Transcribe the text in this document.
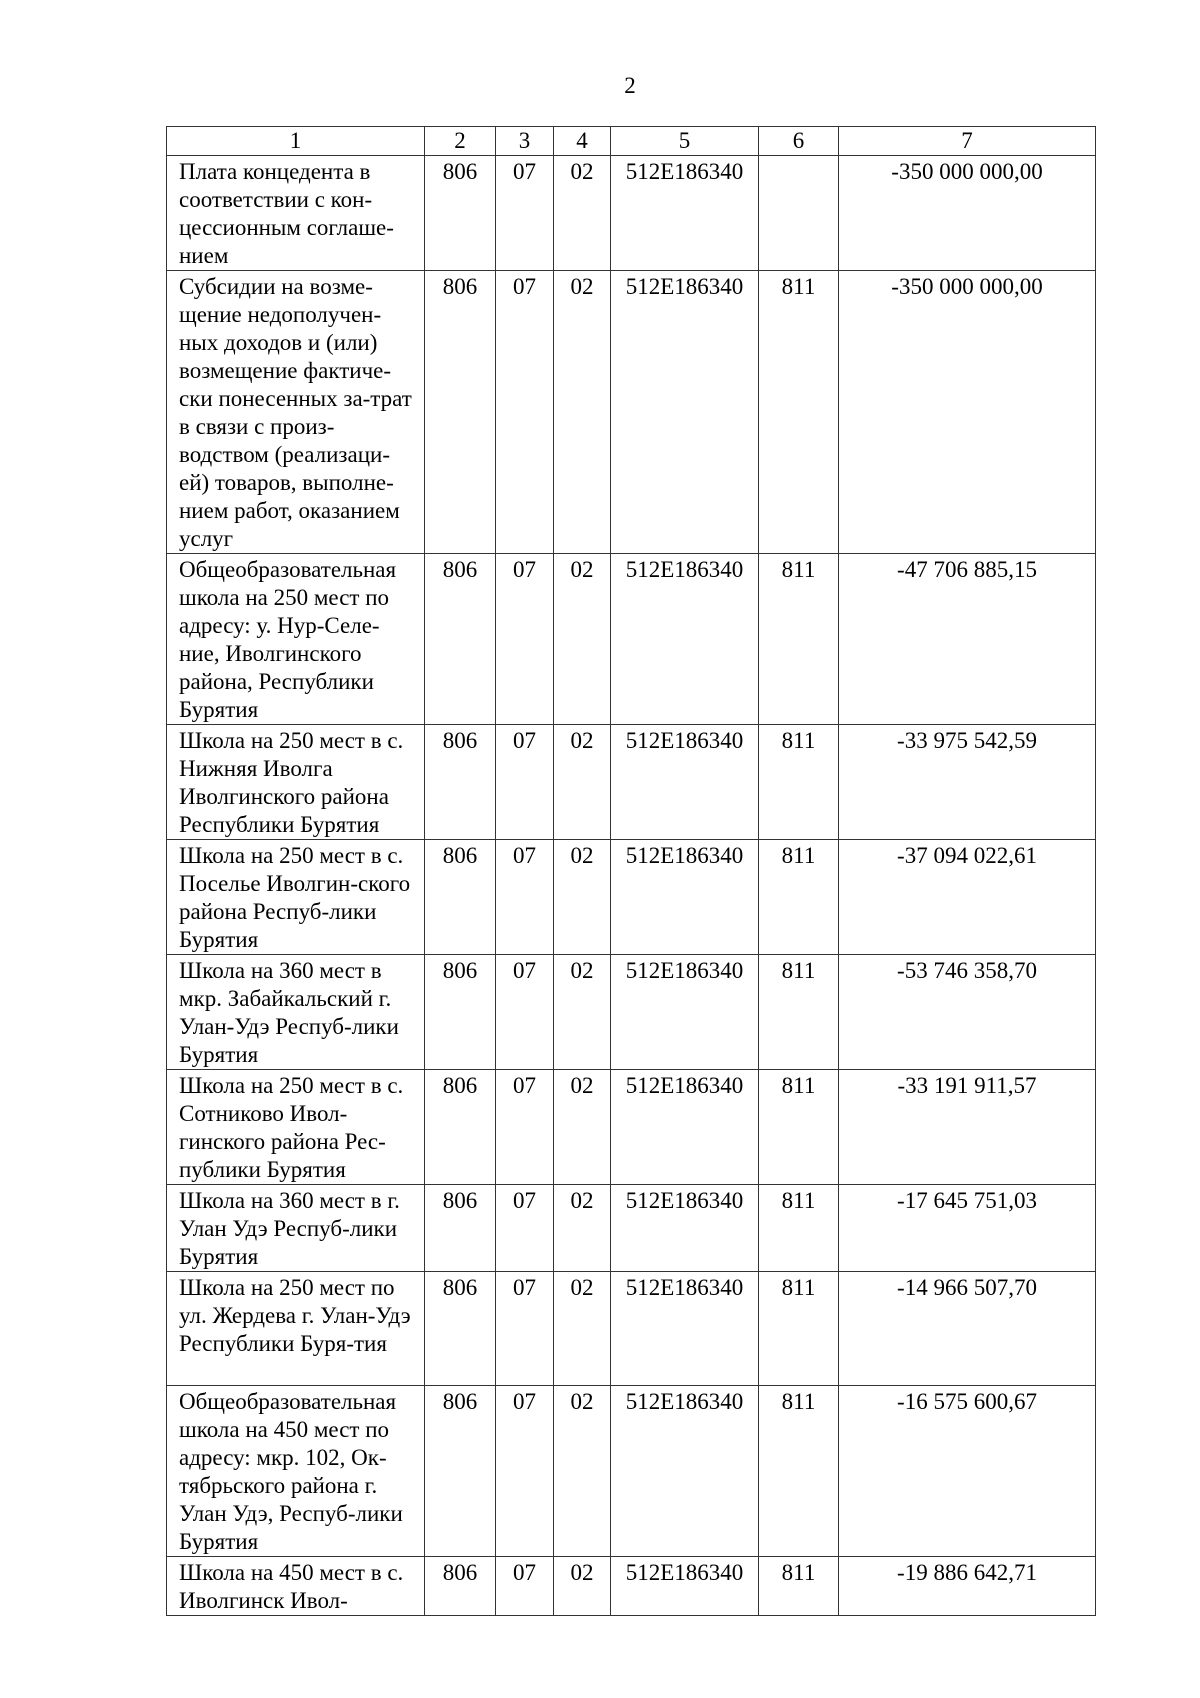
2
1	2	3	4	5	6	7
Плата концедента в соответствии с кон-цессионным соглаше-нием	806	07	02	512E186340		-350 000 000,00
Субсидии на возме-щение недополучен-ных доходов и (или) возмещение фактиче-ски понесенных за-трат в связи с произ-водством (реализаци-ей) товаров, выполне-нием работ, оказанием услуг	806	07	02	512E186340	811	-350 000 000,00
Общеобразовательная школа на 250 мест по адресу: у. Нур-Селе-ние, Иволгинского района, Республики Бурятия	806	07	02	512E186340	811	-47 706 885,15
Школа на 250 мест в с. Нижняя Иволга Иволгинского района Республики Бурятия	806	07	02	512E186340	811	-33 975 542,59
Школа на 250 мест в с. Поселье Иволгин-ского района Респуб-лики Бурятия	806	07	02	512E186340	811	-37 094 022,61
Школа на 360 мест в мкр. Забайкальский г. Улан-Удэ Респуб-лики Бурятия	806	07	02	512E186340	811	-53 746 358,70
Школа на 250 мест в с. Сотниково Ивол-гинского района Рес-публики Бурятия	806	07	02	512E186340	811	-33 191 911,57
Школа на 360 мест в г. Улан Удэ Респуб-лики Бурятия	806	07	02	512E186340	811	-17 645 751,03
Школа на 250 мест по ул. Жердева г. Улан-Удэ Республики Буря-тия	806	07	02	512E186340	811	-14 966 507,70
Общеобразовательная школа на 450 мест по адресу: мкр. 102, Ок-тябрьского района г. Улан Удэ, Респуб-лики Бурятия	806	07	02	512E186340	811	-16 575 600,67
Школа на 450 мест в с. Иволгинск Ивол-	806	07	02	512E186340	811	-19 886 642,71
